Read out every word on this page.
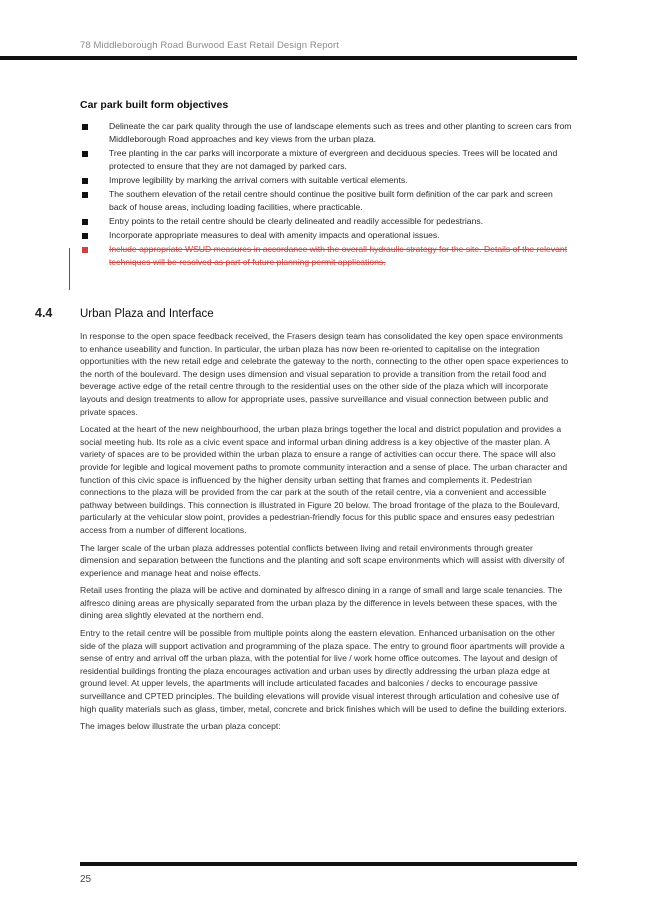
78 Middleborough Road Burwood East Retail Design Report
Car park built form objectives
Delineate the car park quality through the use of landscape elements such as trees and other planting to screen cars from Middleborough Road approaches and key views from the urban plaza.
Tree planting in the car parks will incorporate a mixture of evergreen and deciduous species. Trees will be located and protected to ensure that they are not damaged by parked cars.
Improve legibility by marking the arrival corners with suitable vertical elements.
The southern elevation of the retail centre should continue the positive built form definition of the car park and screen back of house areas, including loading facilities, where practicable.
Entry points to the retail centre should be clearly delineated and readily accessible for pedestrians.
Incorporate appropriate measures to deal with amenity impacts and operational issues.
Include appropriate WSUD measures in accordance with the overall hydraulic strategy for the site. Details of the relevant techniques will be resolved as part of future planning permit applications.
4.4 Urban Plaza and Interface

In response to the open space feedback received, the Frasers design team has consolidated the key open space environments to enhance useability and function. In particular, the urban plaza has now been re-oriented to capitalise on the integration opportunities with the new retail edge and celebrate the gateway to the north, connecting to the other open space experiences to the north of the boulevard. The design uses dimension and visual separation to provide a transition from the retail food and beverage active edge of the retail centre through to the residential uses on the other side of the plaza which will incorporate layouts and design treatments to allow for appropriate uses, passive surveillance and visual connection between public and private spaces.

Located at the heart of the new neighbourhood, the urban plaza brings together the local and district population and provides a social meeting hub. Its role as a civic event space and informal urban dining address is a key objective of the master plan. A variety of spaces are to be provided within the urban plaza to ensure a range of activities can occur there. The space will also provide for legible and logical movement paths to promote community interaction and a sense of place. The urban character and function of this civic space is influenced by the higher density urban setting that frames and complements it. Pedestrian connections to the plaza will be provided from the car park at the south of the retail centre, via a convenient and accessible pathway between buildings. This connection is illustrated in Figure 20 below. The broad frontage of the plaza to the Boulevard, particularly at the vehicular slow point, provides a pedestrian-friendly focus for this public space and ensures easy pedestrian access from a number of different locations.

The larger scale of the urban plaza addresses potential conflicts between living and retail environments through greater dimension and separation between the functions and the planting and soft scape environments which will assist with diversity of experience and manage heat and noise effects.

Retail uses fronting the plaza will be active and dominated by alfresco dining in a range of small and large scale tenancies. The alfresco dining areas are physically separated from the urban plaza by the difference in levels between these spaces, with the dining area slightly elevated at the northern end.

Entry to the retail centre will be possible from multiple points along the eastern elevation. Enhanced urbanisation on the other side of the plaza will support activation and programming of the plaza space. The entry to ground floor apartments will provide a sense of entry and arrival off the urban plaza, with the potential for live / work home office outcomes. The layout and design of residential buildings fronting the plaza encourages activation and urban uses by directly addressing the urban plaza edge at ground level. At upper levels, the apartments will include articulated facades and balconies / decks to encourage passive surveillance and CPTED principles. The building elevations will provide visual interest through articulation and cohesive use of high quality materials such as glass, timber, metal, concrete and brick finishes which will be used to define the building exteriors.

The images below illustrate the urban plaza concept:

25
